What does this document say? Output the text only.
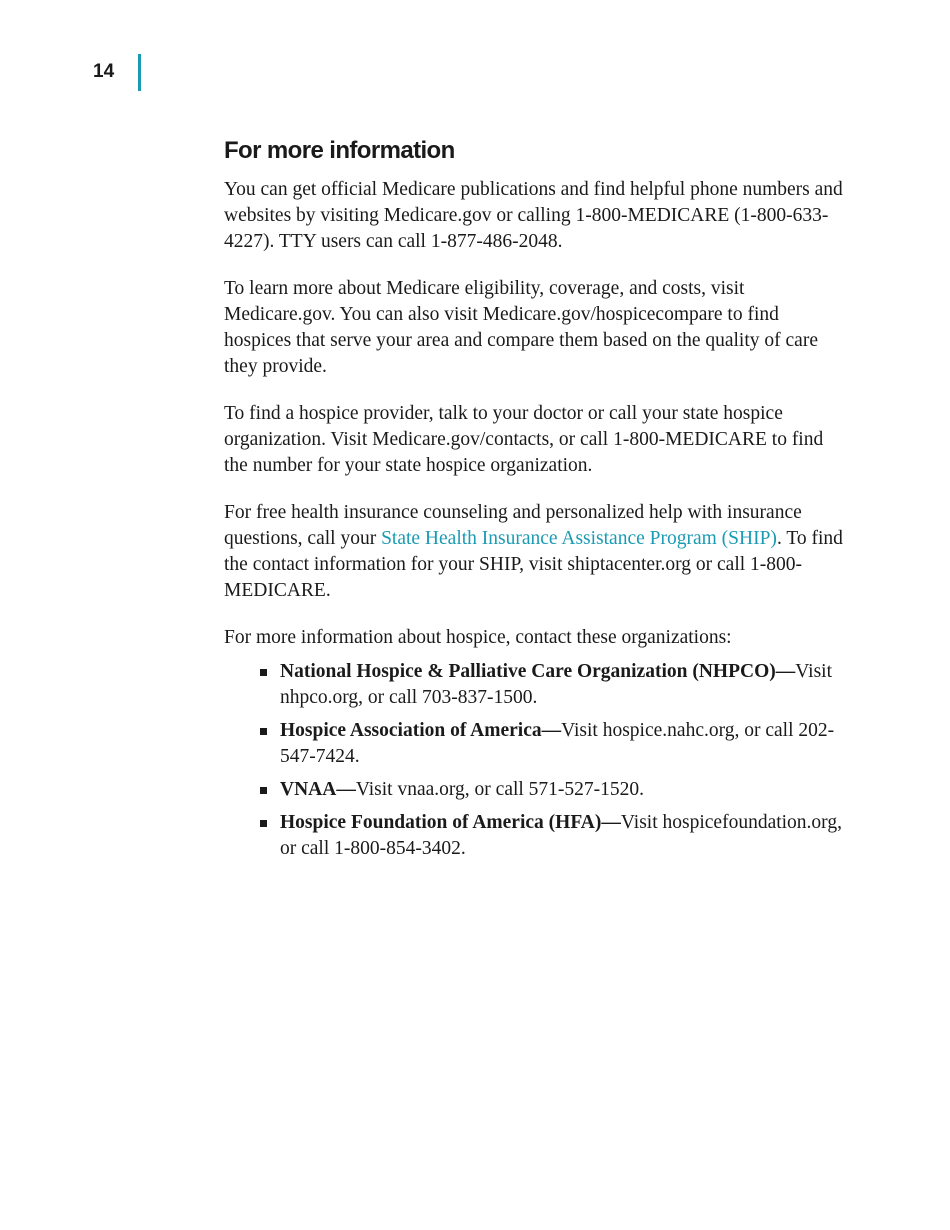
14
For more information

You can get official Medicare publications and find helpful phone numbers and websites by visiting Medicare.gov or calling 1-800-MEDICARE (1-800-633-4227). TTY users can call 1-877-486-2048.

To learn more about Medicare eligibility, coverage, and costs, visit Medicare.gov. You can also visit Medicare.gov/hospicecompare to find hospices that serve your area and compare them based on the quality of care they provide.

To find a hospice provider, talk to your doctor or call your state hospice organization. Visit Medicare.gov/contacts, or call 1-800-MEDICARE to find the number for your state hospice organization.

For free health insurance counseling and personalized help with insurance questions, call your State Health Insurance Assistance Program (SHIP). To find the contact information for your SHIP, visit shiptacenter.org or call 1-800-MEDICARE.

For more information about hospice, contact these organizations:

National Hospice & Palliative Care Organization (NHPCO)—Visit nhpco.org, or call 703-837-1500.
Hospice Association of America—Visit hospice.nahc.org, or call 202-547-7424.
VNAA—Visit vnaa.org, or call 571-527-1520.
Hospice Foundation of America (HFA)—Visit hospicefoundation.org, or call 1-800-854-3402.
